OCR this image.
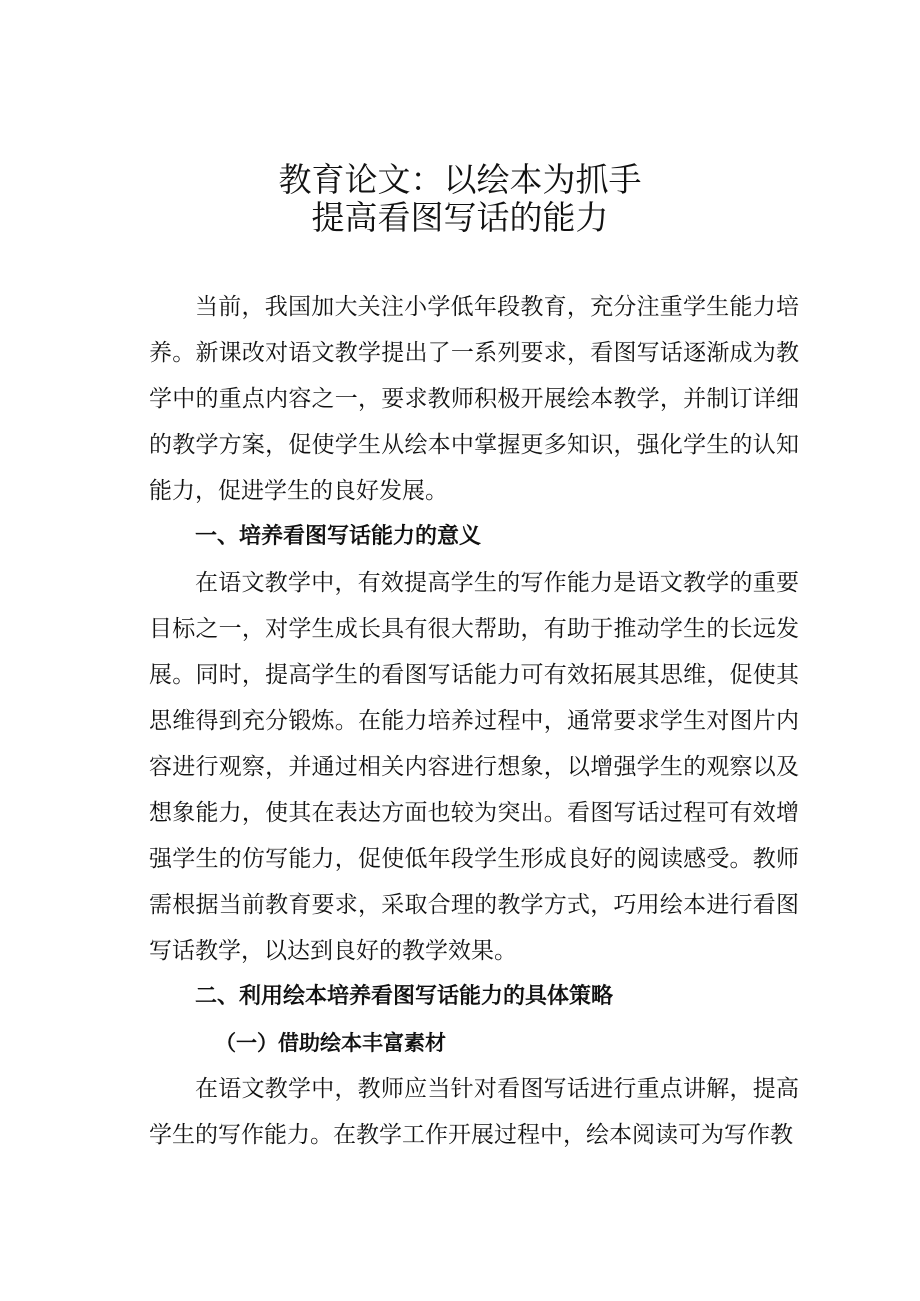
教育论文：以绘本为抓手
提高看图写话的能力

当前，我国加大关注小学低年段教育，充分注重学生能力培养。新课改对语文教学提出了一系列要求，看图写话逐渐成为教学中的重点内容之一，要求教师积极开展绘本教学，并制订详细的教学方案，促使学生从绘本中掌握更多知识，强化学生的认知能力，促进学生的良好发展。

一、培养看图写话能力的意义

在语文教学中，有效提高学生的写作能力是语文教学的重要目标之一，对学生成长具有很大帮助，有助于推动学生的长远发展。同时，提高学生的看图写话能力可有效拓展其思维，促使其思维得到充分锻炼。在能力培养过程中，通常要求学生对图片内容进行观察，并通过相关内容进行想象，以增强学生的观察以及想象能力，使其在表达方面也较为突出。看图写话过程可有效增强学生的仿写能力，促使低年段学生形成良好的阅读感受。教师需根据当前教育要求，采取合理的教学方式，巧用绘本进行看图写话教学，以达到良好的教学效果。

二、利用绘本培养看图写话能力的具体策略

（一）借助绘本丰富素材

在语文教学中，教师应当针对看图写话进行重点讲解，提高学生的写作能力。在教学工作开展过程中，绘本阅读可为写作教
